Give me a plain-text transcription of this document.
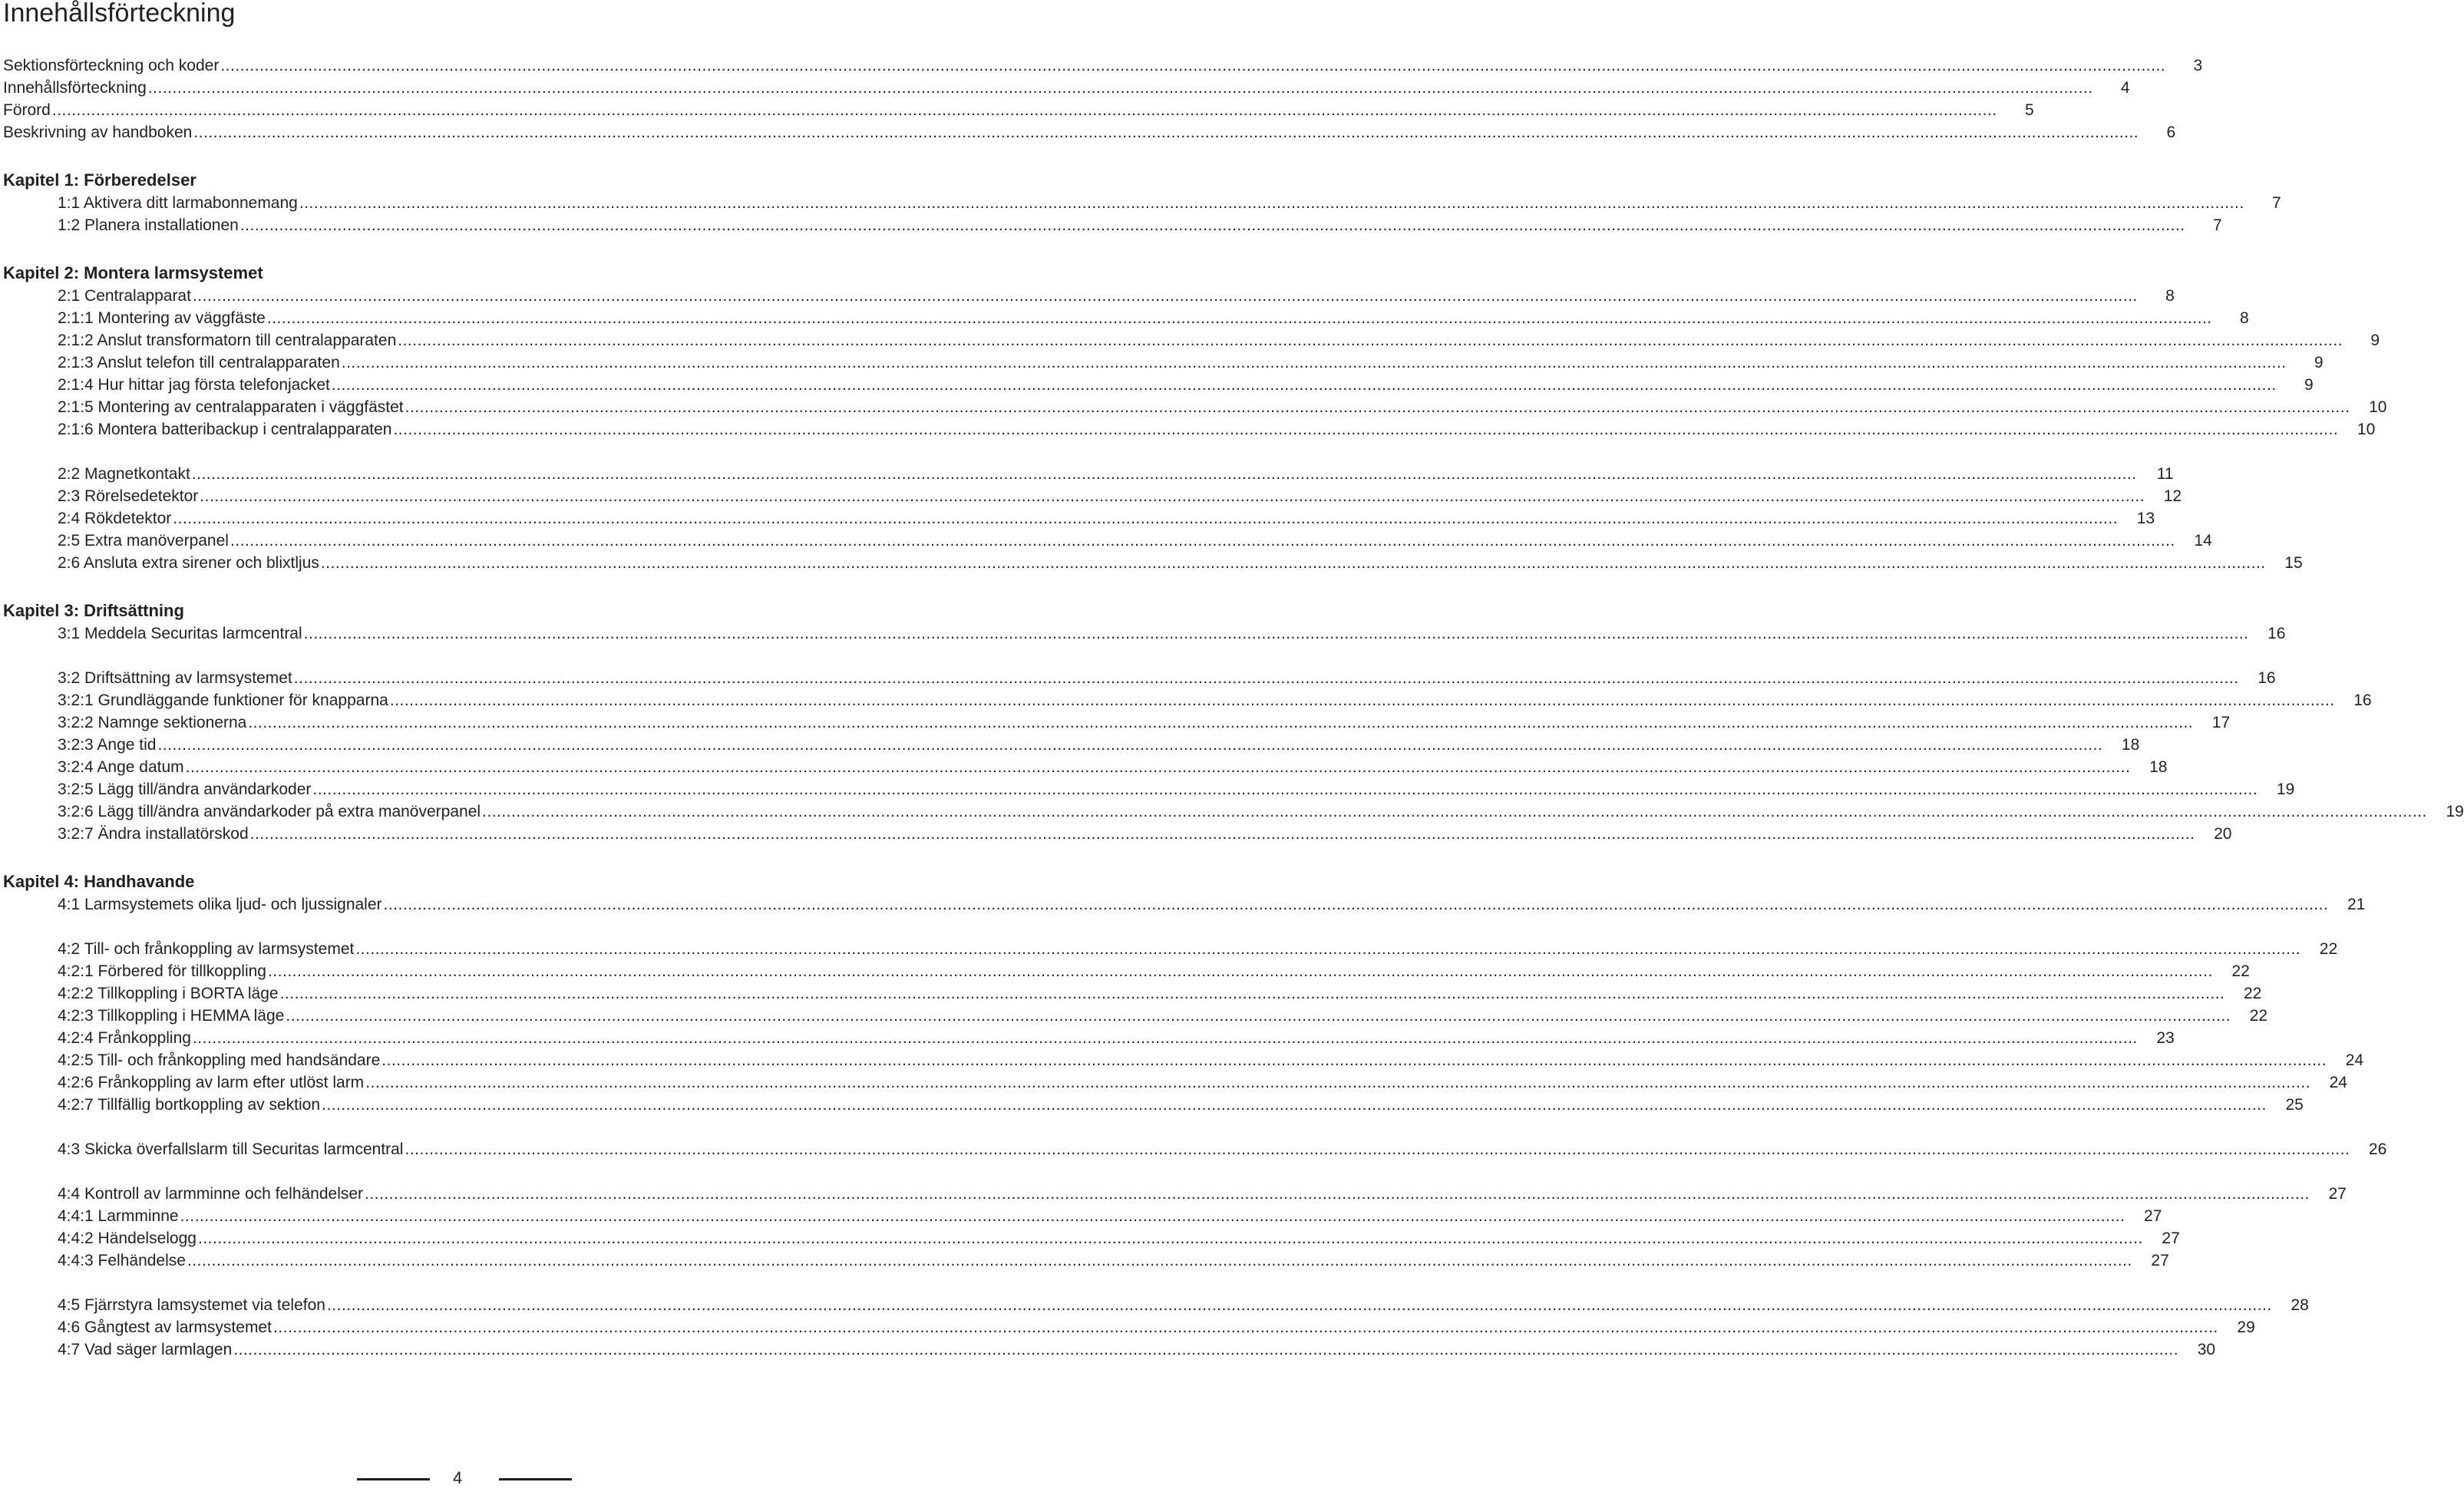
Innehållsförteckning
Sektionsförteckning och koder ................................................................................................................................................................................................................................................................................................................................................................................................................	3
Innehållsförteckning ................................................................................................................................................................................................................................................................................................................................................................................................................	4
Förord ................................................................................................................................................................................................................................................................................................................................................................................................................	5
Beskrivning av handboken ................................................................................................................................................................................................................................................................................................................................................................................................................	6
Kapitel 1: Förberedelser
1:1 Aktivera ditt larmabonnemang ................................................................................................................................................................................................................................................................................................................................................................................................................	7
1:2 Planera installationen ................................................................................................................................................................................................................................................................................................................................................................................................................	7
Kapitel 2: Montera larmsystemet
2:1 Centralapparat ................................................................................................................................................................................................................................................................................................................................................................................................................	8
2:1:1 Montering av väggfäste ................................................................................................................................................................................................................................................................................................................................................................................................................	8
2:1:2 Anslut transformatorn till centralapparaten ................................................................................................................................................................................................................................................................................................................................................................................................................	9
2:1:3 Anslut telefon till centralapparaten ................................................................................................................................................................................................................................................................................................................................................................................................................	9
2:1:4 Hur hittar jag första telefonjacket ................................................................................................................................................................................................................................................................................................................................................................................................................	9
2:1:5 Montering av centralapparaten i väggfästet ................................................................................................................................................................................................................................................................................................................................................................................................................	10
2:1:6 Montera batteribackup i centralapparaten ................................................................................................................................................................................................................................................................................................................................................................................................................	10
2:2 Magnetkontakt ................................................................................................................................................................................................................................................................................................................................................................................................................	11
2:3 Rörelsedetektor ................................................................................................................................................................................................................................................................................................................................................................................................................	12
2:4 Rökdetektor ................................................................................................................................................................................................................................................................................................................................................................................................................	13
2:5 Extra manöverpanel ................................................................................................................................................................................................................................................................................................................................................................................................................	14
2:6 Ansluta extra sirener och blixtljus ................................................................................................................................................................................................................................................................................................................................................................................................................	15
Kapitel 3: Driftsättning
3:1 Meddela Securitas larmcentral ................................................................................................................................................................................................................................................................................................................................................................................................................	16
3:2 Driftsättning av larmsystemet ................................................................................................................................................................................................................................................................................................................................................................................................................	16
3:2:1 Grundläggande funktioner för knapparna ................................................................................................................................................................................................................................................................................................................................................................................................................	16
3:2:2 Namnge sektionerna ................................................................................................................................................................................................................................................................................................................................................................................................................	17
3:2:3 Ange tid ................................................................................................................................................................................................................................................................................................................................................................................................................	18
3:2:4 Ange datum ................................................................................................................................................................................................................................................................................................................................................................................................................	18
3:2:5 Lägg till/ändra användarkoder ................................................................................................................................................................................................................................................................................................................................................................................................................	19
3:2:6 Lägg till/ändra användarkoder på extra manöverpanel ................................................................................................................................................................................................................................................................................................................................................................................................................	19
3:2:7 Ändra installatörskod ................................................................................................................................................................................................................................................................................................................................................................................................................	20
Kapitel 4: Handhavande
4:1 Larmsystemets olika ljud- och ljussignaler ................................................................................................................................................................................................................................................................................................................................................................................................................	21
4:2 Till- och frånkoppling av larmsystemet ................................................................................................................................................................................................................................................................................................................................................................................................................	22
4:2:1 Förbered för tillkoppling ................................................................................................................................................................................................................................................................................................................................................................................................................	22
4:2:2 Tillkoppling i BORTA läge ................................................................................................................................................................................................................................................................................................................................................................................................................	22
4:2:3 Tillkoppling i HEMMA läge ................................................................................................................................................................................................................................................................................................................................................................................................................	22
4:2:4 Frånkoppling ................................................................................................................................................................................................................................................................................................................................................................................................................	23
4:2:5 Till- och frånkoppling med handsändare ................................................................................................................................................................................................................................................................................................................................................................................................................	24
4:2:6 Frånkoppling av larm efter utlöst larm ................................................................................................................................................................................................................................................................................................................................................................................................................	24
4:2:7 Tillfällig bortkoppling av sektion ................................................................................................................................................................................................................................................................................................................................................................................................................	25
4:3 Skicka överfallslarm till Securitas larmcentral ................................................................................................................................................................................................................................................................................................................................................................................................................	26
4:4 Kontroll av larmminne och felhändelser ................................................................................................................................................................................................................................................................................................................................................................................................................	27
4:4:1 Larmminne ................................................................................................................................................................................................................................................................................................................................................................................................................	27
4:4:2 Händelselogg ................................................................................................................................................................................................................................................................................................................................................................................................................	27
4:4:3 Felhändelse ................................................................................................................................................................................................................................................................................................................................................................................................................	27
4:5 Fjärrstyra lamsystemet via telefon ................................................................................................................................................................................................................................................................................................................................................................................................................	28
4:6 Gångtest av larmsystemet ................................................................................................................................................................................................................................................................................................................................................................................................................	29
4:7 Vad säger larmlagen ................................................................................................................................................................................................................................................................................................................................................................................................................	30
4
